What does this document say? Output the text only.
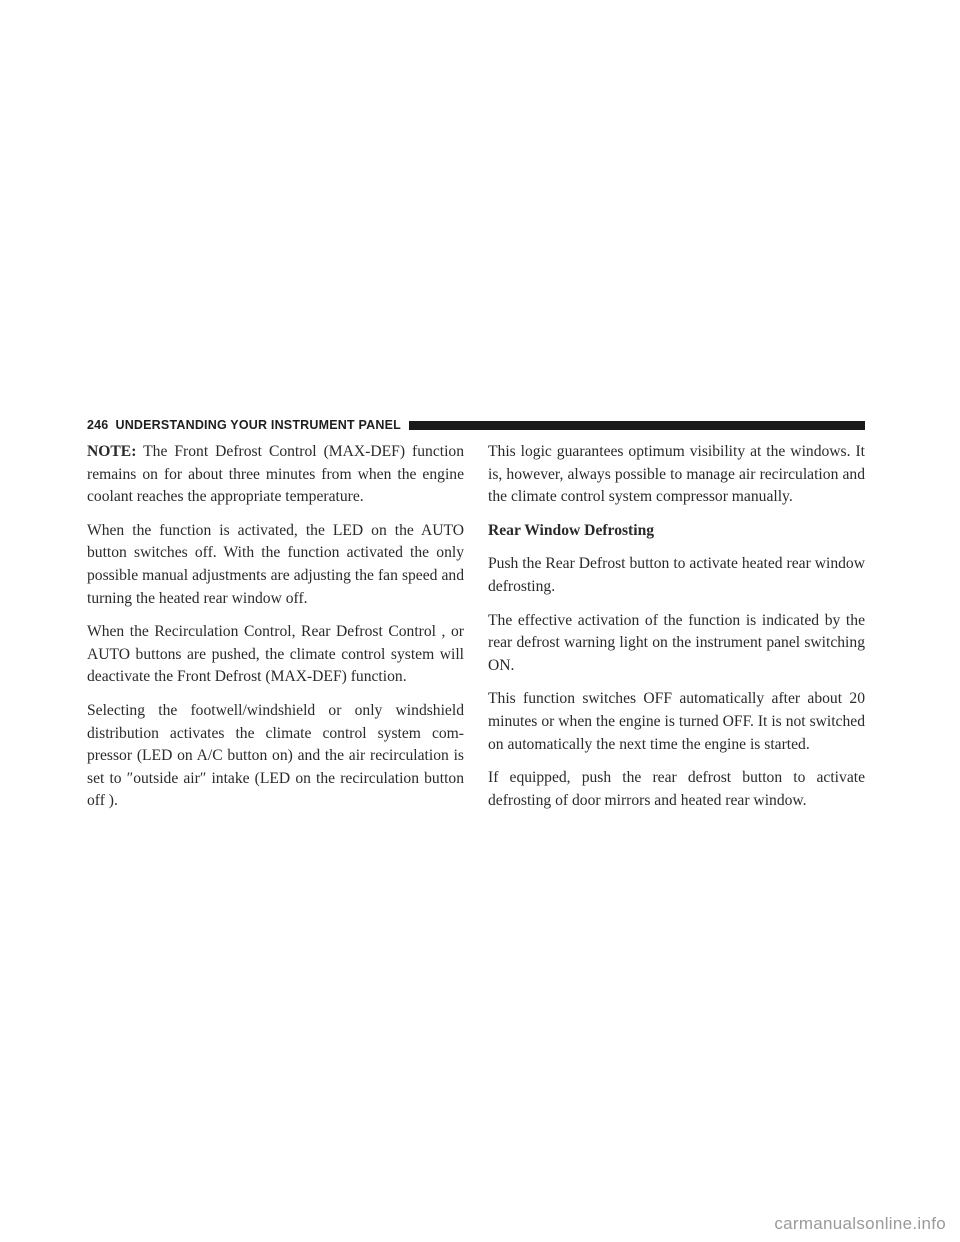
246 UNDERSTANDING YOUR INSTRUMENT PANEL

NOTE: The Front Defrost Control (MAX-DEF) function remains on for about three minutes from when the engine coolant reaches the appropriate temperature.

When the function is activated, the LED on the AUTO button switches off. With the function activated the only possible manual adjustments are adjusting the fan speed and turning the heated rear window off.

When the Recirculation Control, Rear Defrost Control , or AUTO buttons are pushed, the climate control system will deactivate the Front Defrost (MAX-DEF) function.

Selecting the footwell/windshield or only windshield distribution activates the climate control system com-pressor (LED on A/C button on) and the air recirculation is set to ″outside air″ intake (LED on the recirculation button off ).

This logic guarantees optimum visibility at the windows. It is, however, always possible to manage air recirculation and the climate control system compressor manually.

Rear Window Defrosting

Push the Rear Defrost button to activate heated rear window defrosting.

The effective activation of the function is indicated by the rear defrost warning light on the instrument panel switching ON.

This function switches OFF automatically after about 20 minutes or when the engine is turned OFF. It is not switched on automatically the next time the engine is started.

If equipped, push the rear defrost button to activate defrosting of door mirrors and heated rear window.

carmanualsonline.info
